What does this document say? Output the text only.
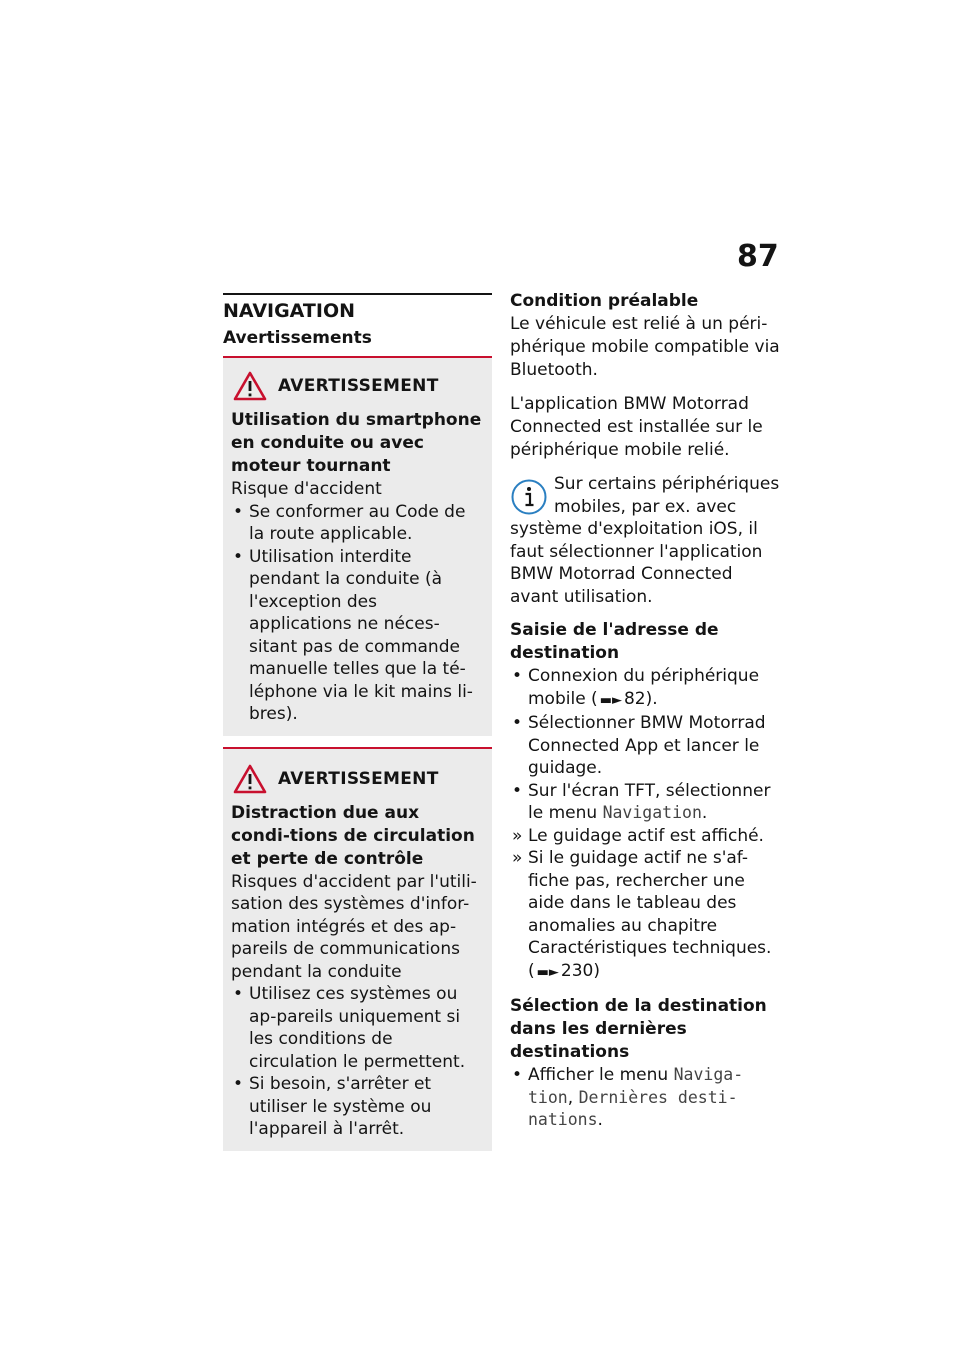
87
NAVIGATION
Avertissements
AVERTISSEMENT
Utilisation du smartphone en conduite ou avec moteur tournant
Risque d'accident
• Se conformer au Code de la route applicable.
• Utilisation interdite pendant la conduite (à l'exception des applications ne néces-sitant pas de commande manuelle telles que la té-léphone via le kit mains li-bres).
AVERTISSEMENT
Distraction due aux condi-tions de circulation et perte de contrôle
Risques d'accident par l'utili-sation des systèmes d'infor-mation intégrés et des ap-pareils de communications pendant la conduite
• Utilisez ces systèmes ou ap-pareils uniquement si les conditions de circulation le permettent.
• Si besoin, s'arrêter et utiliser le système ou l'appareil à l'arrêt.

Condition préalable

Le véhicule est relié à un péri-phérique mobile compatible via Bluetooth.

L'application BMW Motorrad Connected est installée sur le périphérique mobile relié.

Sur certains périphériques
mobiles, par ex. avec
système d'exploitation iOS, il faut sélectionner l'application BMW Motorrad Connected avant utilisation.

Saisie de l'adresse de destination

• Connexion du périphérique mobile ( ▬► 82).
• Sélectionner BMW Motorrad Connected App et lancer le guidage.
• Sur l'écran TFT, sélectionner le menu Navigation.
» Le guidage actif est affiché.
» Si le guidage actif ne s'af-fiche pas, rechercher une aide dans le tableau des anomalies au chapitre Caractéristiques techniques. ( ▬► 230)

Sélection de la destination dans les dernières destinations

• Afficher le menu Naviga-tion, Dernières desti-nations.
